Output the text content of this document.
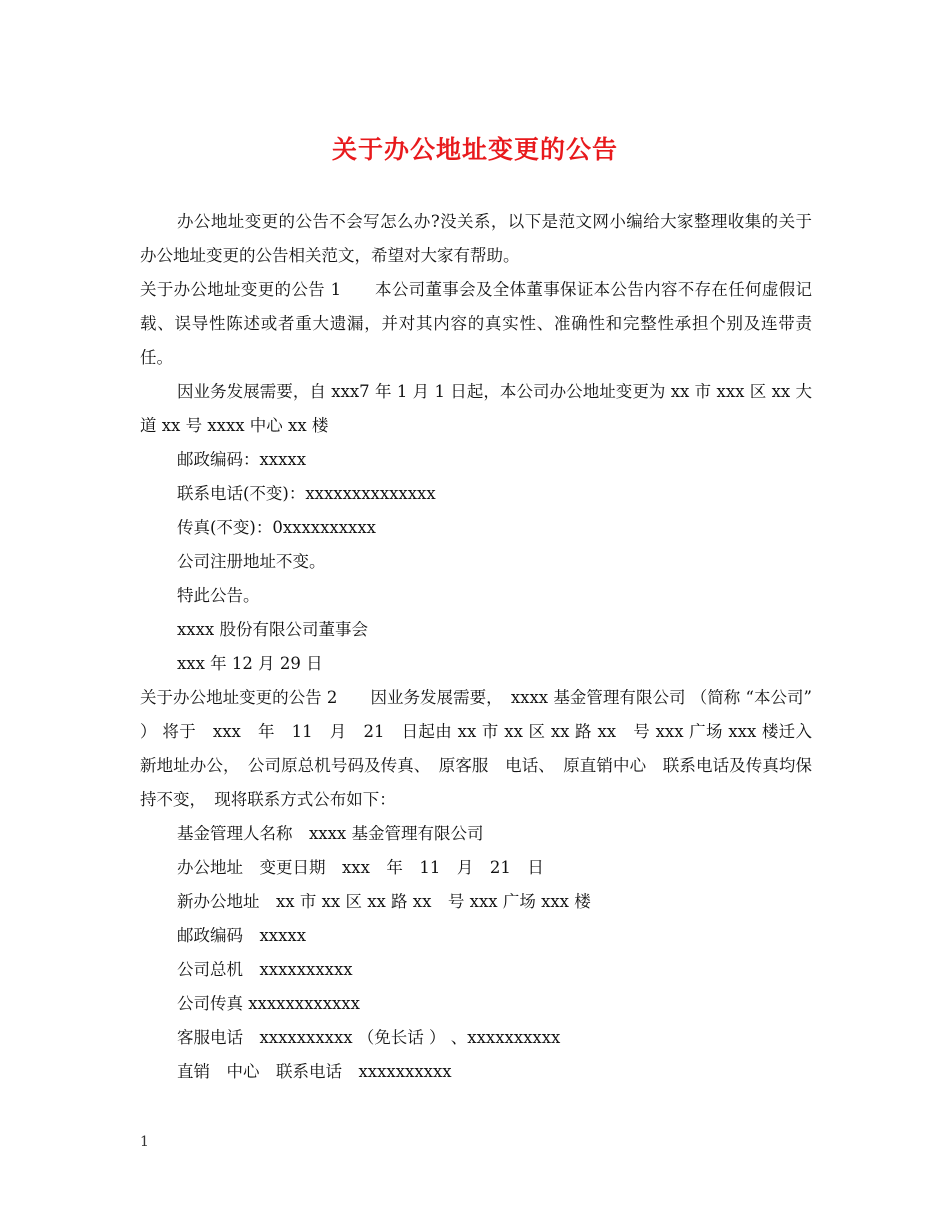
关于办公地址变更的公告

办公地址变更的公告不会写怎么办?没关系，以下是范文网小编给大家整理收集的关于办公地址变更的公告相关范文，希望对大家有帮助。

关于办公地址变更的公告 1　　本公司董事会及全体董事保证本公告内容不存在任何虚假记载、误导性陈述或者重大遗漏，并对其内容的真实性、准确性和完整性承担个别及连带责任。

因业务发展需要，自 xxx7 年 1 月 1 日起，本公司办公地址变更为 xx 市 xxx 区 xx 大道 xx 号 xxxx 中心 xx 楼

邮政编码：xxxxx

联系电话(不变)：xxxxxxxxxxxxxx

传真(不变)：0xxxxxxxxxx

公司注册地址不变。

特此公告。

xxxx 股份有限公司董事会

xxx 年 12 月 29 日

关于办公地址变更的公告 2　　因业务发展需要，　xxxx 基金管理有限公司 （简称 “本公司” ） 将于　xxx　年　11　月　21　日起由 xx 市 xx 区 xx 路 xx　号 xxx 广场 xxx 楼迁入新地址办公，　公司原总机号码及传真、　原客服　电话、　原直销中心　联系电话及传真均保持不变，　现将联系方式公布如下：

基金管理人名称　xxxx 基金管理有限公司

办公地址　变更日期　xxx　年　11　月　21　日

新办公地址　xx 市 xx 区 xx 路 xx　号 xxx 广场 xxx 楼

邮政编码　xxxxx

公司总机　xxxxxxxxxx

公司传真 xxxxxxxxxxxx

客服电话　xxxxxxxxxx （免长话 ） 、xxxxxxxxxx

直销　中心　联系电话　xxxxxxxxxx

1
